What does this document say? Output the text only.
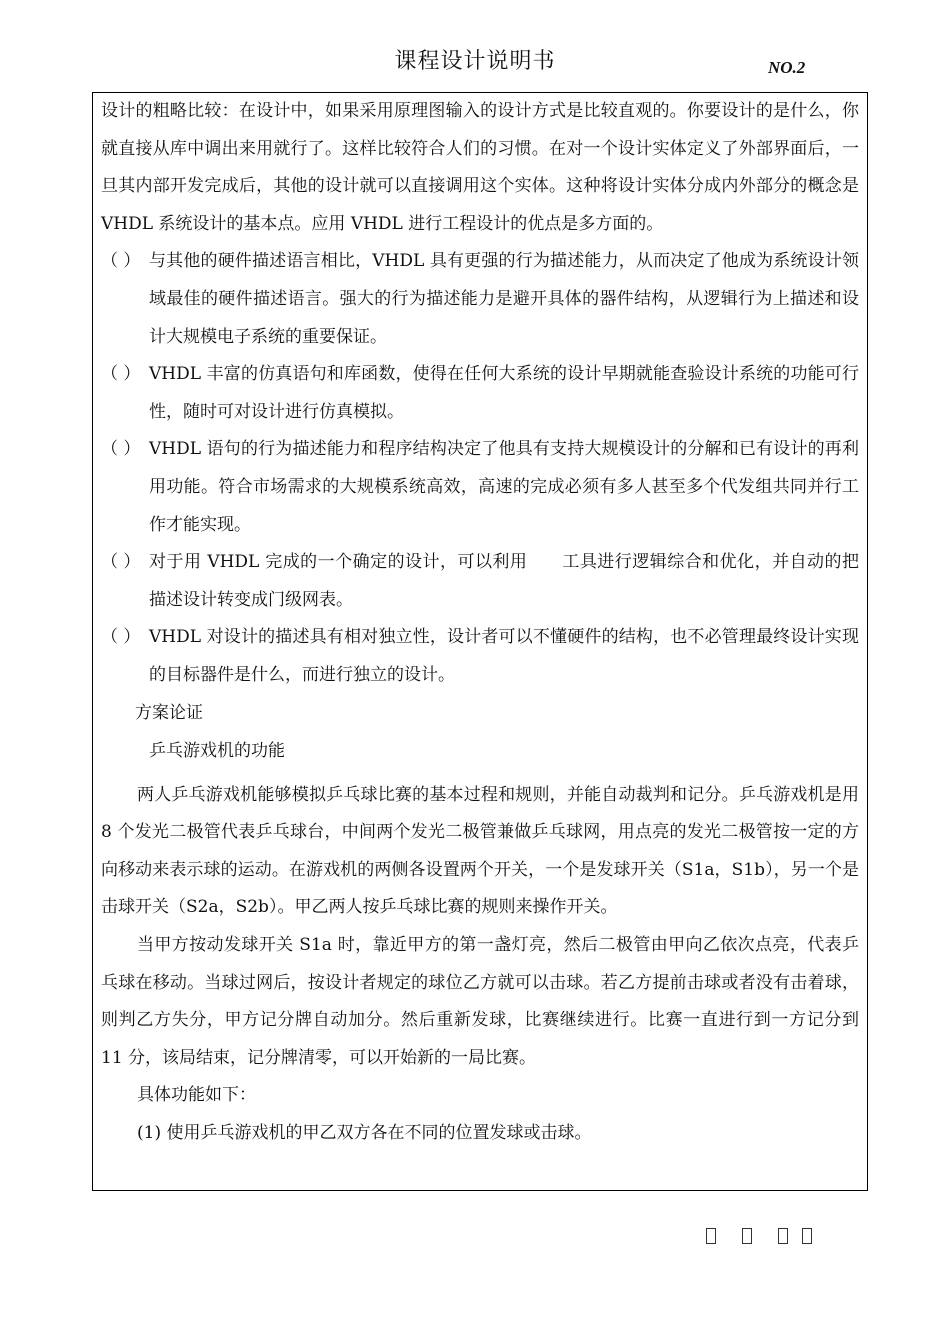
课程设计说明书	NO.2

设计的粗略比较：在设计中，如果采用原理图输入的设计方式是比较直观的。你要设计的是什么，你就直接从库中调出来用就行了。这样比较符合人们的习惯。在对一个设计实体定义了外部界面后，一旦其内部开发完成后，其他的设计就可以直接调用这个实体。这种将设计实体分成内外部分的概念是 VHDL 系统设计的基本点。应用 VHDL 进行工程设计的优点是多方面的。

（ ） 与其他的硬件描述语言相比，VHDL 具有更强的行为描述能力，从而决定了他成为系统设计领域最佳的硬件描述语言。强大的行为描述能力是避开具体的器件结构，从逻辑行为上描述和设计大规模电子系统的重要保证。
（ ） VHDL 丰富的仿真语句和库函数，使得在任何大系统的设计早期就能查验设计系统的功能可行性，随时可对设计进行仿真模拟。
（ ） VHDL 语句的行为描述能力和程序结构决定了他具有支持大规模设计的分解和已有设计的再利用功能。符合市场需求的大规模系统高效，高速的完成必须有多人甚至多个代发组共同并行工作才能实现。
（ ） 对于用 VHDL 完成的一个确定的设计，可以利用　　工具进行逻辑综合和优化，并自动的把　　　描述设计转变成门级网表。
（ ） VHDL 对设计的描述具有相对独立性，设计者可以不懂硬件的结构，也不必管理最终设计实现的目标器件是什么，而进行独立的设计。

方案论证

乒乓游戏机的功能

两人乒乓游戏机能够模拟乒乓球比赛的基本过程和规则，并能自动裁判和记分。乒乓游戏机是用 8 个发光二极管代表乒乓球台，中间两个发光二极管兼做乒乓球网，用点亮的发光二极管按一定的方向移动来表示球的运动。在游戏机的两侧各设置两个开关，一个是发球开关（S1a，S1b），另一个是击球开关（S2a，S2b）。甲乙两人按乒乓球比赛的规则来操作开关。

当甲方按动发球开关 S1a 时，靠近甲方的第一盏灯亮，然后二极管由甲向乙依次点亮，代表乒乓球在移动。当球过网后，按设计者规定的球位乙方就可以击球。若乙方提前击球或者没有击着球，则判乙方失分，甲方记分牌自动加分。然后重新发球，比赛继续进行。比赛一直进行到一方记分到 11 分，该局结束，记分牌清零，可以开始新的一局比赛。

具体功能如下：

(1) 使用乒乓游戏机的甲乙双方各在不同的位置发球或击球。
